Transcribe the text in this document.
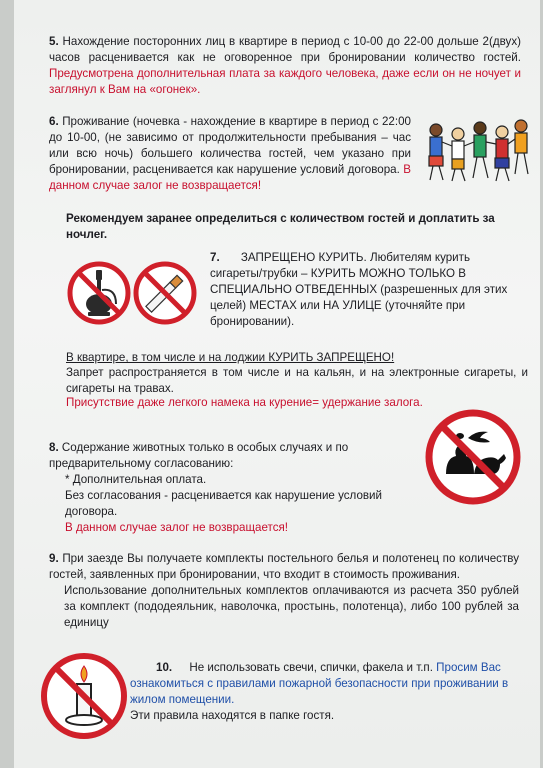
5. Нахождение посторонних лиц в квартире в период с 10-00 до 22-00 дольше 2(двух) часов расценивается как не оговоренное при бронировании количество гостей. Предусмотрена дополнительная плата за каждого человека, даже если он не ночует и заглянул к Вам на «огонек».
6. Проживание (ночевка - нахождение в квартире в период с 22:00 до 10-00, (не зависимо от продолжительности пребывания – час или всю ночь) большего количества гостей, чем указано при бронировании, расценивается как нарушение условий договора. В данном случае залог не возвращается!
Рекомендуем заранее определиться с количеством гостей и доплатить за ночлег.
7. ЗАПРЕЩЕНО КУРИТЬ. Любителям курить сигареты/трубки – КУРИТЬ МОЖНО ТОЛЬКО В СПЕЦИАЛЬНО ОТВЕДЕННЫХ (разрешенных для этих целей) МЕСТАХ или НА УЛИЦЕ (уточняйте при бронировании).
В квартире, в том числе и на лоджии КУРИТЬ ЗАПРЕЩЕНО!
Запрет распространяется в том числе и на кальян, и на электронные сигареты, и сигареты на травах.
Присутствие даже легкого намека на курение= удержание залога.

8. Содержание животных только в особых случаях и по предварительному согласованию:

* Дополнительная оплата.

Без согласования - расценивается как нарушение условий договора.

В данном случае залог не возвращается!

9. При заезде Вы получаете комплекты постельного белья и полотенец по количеству гостей, заявленных при бронировании, что входит в стоимость проживания.

Использование дополнительных комплектов оплачиваются из расчета 350 рублей за комплект (пододеяльник, наволочка, простынь, полотенца), либо 100 рублей за единицу

10. Не использовать свечи, спички, факела и т.п. Просим Вас ознакомиться с правилами пожарной безопасности при проживании в жилом помещении.

Эти правила находятся в папке гостя.
